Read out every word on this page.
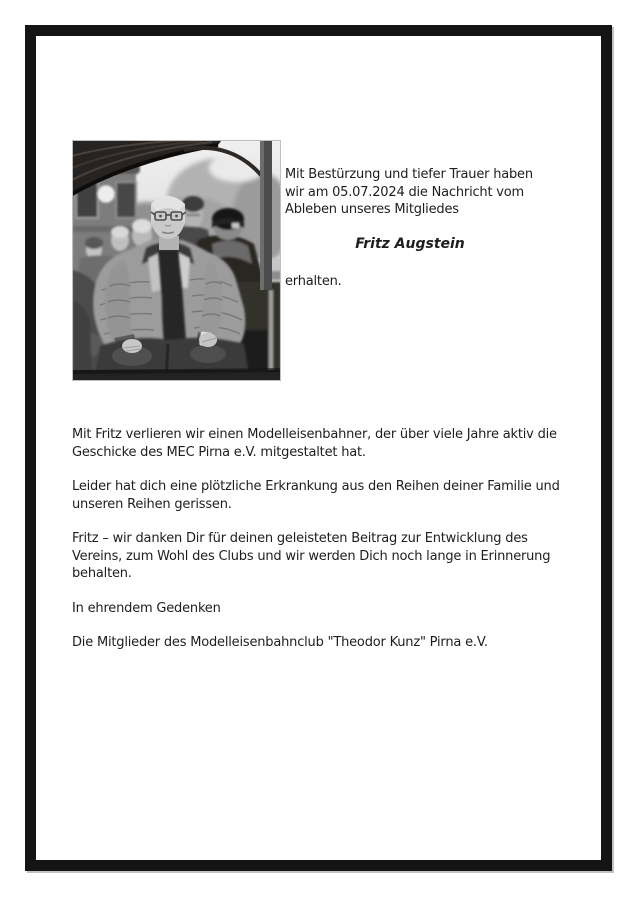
Mit Bestürzung und tiefer Trauer haben wir am 05.07.2024 die Nachricht vom Ableben unseres Mitgliedes

Fritz Augstein

erhalten.

Mit Fritz verlieren wir einen Modelleisenbahner, der über viele Jahre aktiv die Geschicke des MEC Pirna e.V. mitgestaltet hat.

Leider hat dich eine plötzliche Erkrankung aus den Reihen deiner Familie und unseren Reihen gerissen.

Fritz – wir danken Dir für deinen geleisteten Beitrag zur Entwicklung des Vereins, zum Wohl des Clubs und wir werden Dich noch lange in Erinnerung behalten.

In ehrendem Gedenken

Die Mitglieder des Modelleisenbahnclub "Theodor Kunz" Pirna e.V.
